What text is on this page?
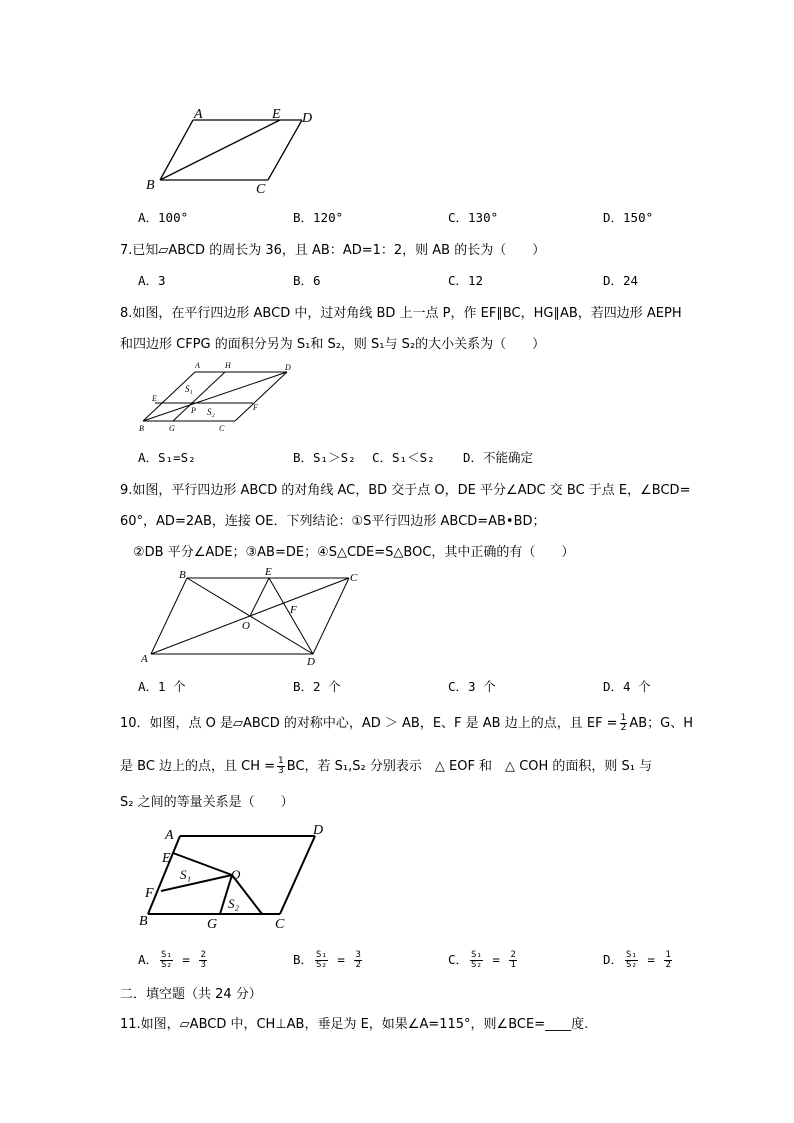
A	E D
B	C
A．100°	B．120°	C．130°	D．150°
7.已知▱ABCD 的周长为 36，且 AB：AD=1：2，则 AB 的长为（　　）
A．3	B．6	C．12	D．24
8.如图，在平行四边形 ABCD 中，过对角线 BD 上一点 P，作 EF∥BC，HG∥AB，若四边形 AEPH
和四边形 CFPG 的面积分另为 S₁和 S₂，则 S₁与 S₂的大小关系为（　　）
A	H	D
S₁
E
P S₂	F
B	G	C
A．S₁=S₂	B．S₁＞S₂ C．S₁＜S₂ D．不能确定
9.如图，平行四边形 ABCD 的对角线 AC，BD 交于点 O，DE 平分∠ADC 交 BC 于点 E，∠BCD=
60°，AD=2AB，连接 OE．下列结论：①S平行四边形 ABCD=AB•BD；
②DB 平分∠ADE；③AB=DE；④S△CDE=S△BOC，其中正确的有（　　）
B	E	C
F
O
A	D
A．1 个	B．2 个	C．3 个	D．4 个
10．如图，点 O 是▱ABCD 的对称中心，AD ＞ AB，E、F 是 AB 边上的点，且 EF = $\frac{1}{2}$ AB；G、H
是 BC 边上的点，且 CH = $\frac{1}{3}$ BC，若 S₁,S₂ 分别表示　△ EOF 和　△ COH 的面积，则 S₁ 与
S₂ 之间的等量关系是（　　）
A	D
E
S₁	O
F
S₂
B	G	C
A． $\frac{\text{S₁}}{\text{S₂}} = \frac{2}{3}$	B． $\frac{\text{S₁}}{\text{S₂}} = \frac{3}{2}$	C． $\frac{\text{S₁}}{\text{S₂}} = \frac{2}{1}$	D． $\frac{\text{S₁}}{\text{S₂}} = \frac{1}{2}$
二．填空题（共 24 分）
11.如图，▱ABCD 中，CH⊥AB，垂足为 E，如果∠A=115°，则∠BCE=____度.
